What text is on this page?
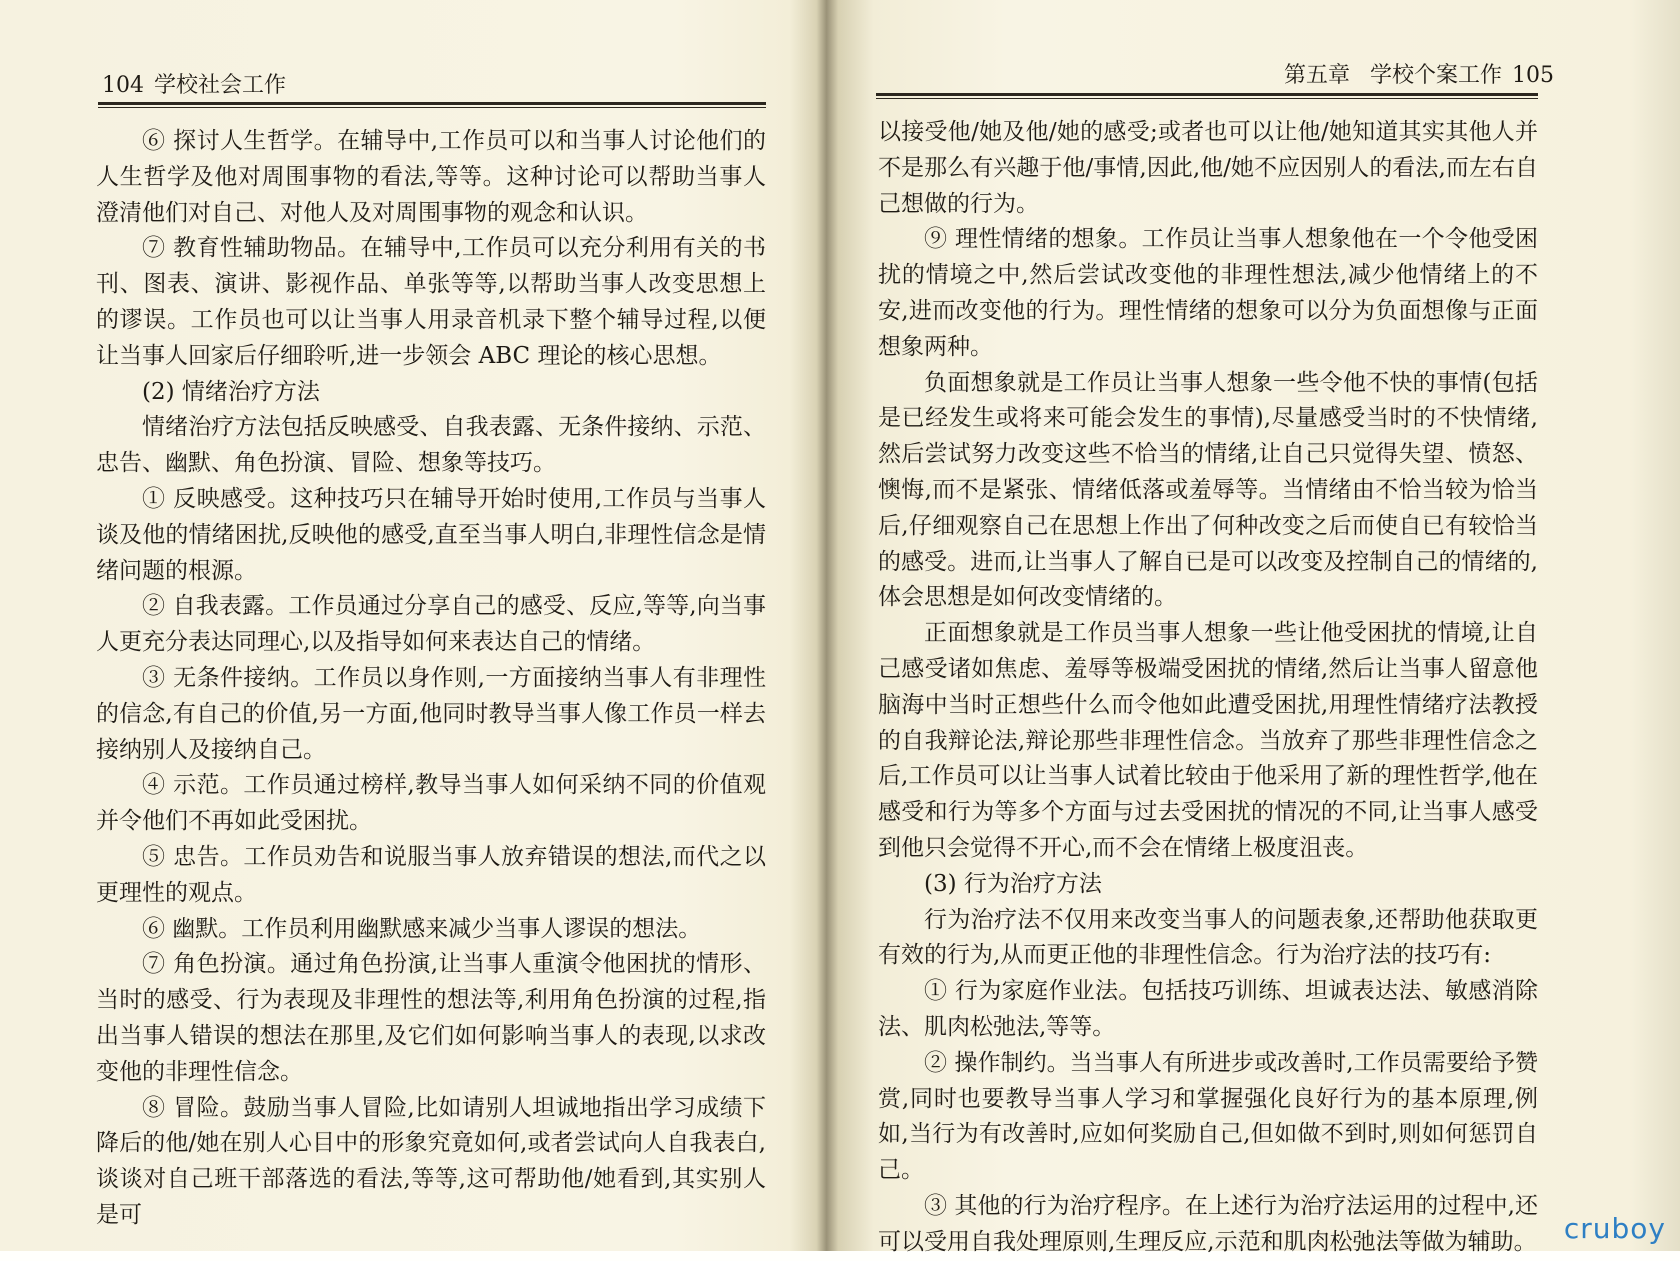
104 学校社会工作

⑥ 探讨人生哲学。在辅导中,工作员可以和当事人讨论他们的人生哲学及他对周围事物的看法,等等。这种讨论可以帮助当事人澄清他们对自己、对他人及对周围事物的观念和认识。

⑦ 教育性辅助物品。在辅导中,工作员可以充分利用有关的书刊、图表、演讲、影视作品、单张等等,以帮助当事人改变思想上的谬误。工作员也可以让当事人用录音机录下整个辅导过程,以便让当事人回家后仔细聆听,进一步领会 ABC 理论的核心思想。

(2) 情绪治疗方法

情绪治疗方法包括反映感受、自我表露、无条件接纳、示范、忠告、幽默、角色扮演、冒险、想象等技巧。

① 反映感受。这种技巧只在辅导开始时使用,工作员与当事人谈及他的情绪困扰,反映他的感受,直至当事人明白,非理性信念是情绪问题的根源。

② 自我表露。工作员通过分享自己的感受、反应,等等,向当事人更充分表达同理心,以及指导如何来表达自己的情绪。

③ 无条件接纳。工作员以身作则,一方面接纳当事人有非理性的信念,有自己的价值,另一方面,他同时教导当事人像工作员一样去接纳别人及接纳自己。

④ 示范。工作员通过榜样,教导当事人如何采纳不同的价值观并令他们不再如此受困扰。

⑤ 忠告。工作员劝告和说服当事人放弃错误的想法,而代之以更理性的观点。

⑥ 幽默。工作员利用幽默感来减少当事人谬误的想法。

⑦ 角色扮演。通过角色扮演,让当事人重演令他困扰的情形、当时的感受、行为表现及非理性的想法等,利用角色扮演的过程,指出当事人错误的想法在那里,及它们如何影响当事人的表现,以求改变他的非理性信念。

⑧ 冒险。鼓励当事人冒险,比如请别人坦诚地指出学习成绩下降后的他/她在别人心目中的形象究竟如何,或者尝试向人自我表白,谈谈对自己班干部落选的看法,等等,这可帮助他/她看到,其实别人是可

第五章 学校个案工作 105

以接受他/她及他/她的感受;或者也可以让他/她知道其实其他人并不是那么有兴趣于他/事情,因此,他/她不应因别人的看法,而左右自己想做的行为。

⑨ 理性情绪的想象。工作员让当事人想象他在一个令他受困扰的情境之中,然后尝试改变他的非理性想法,减少他情绪上的不安,进而改变他的行为。理性情绪的想象可以分为负面想像与正面想象两种。

负面想象就是工作员让当事人想象一些令他不快的事情(包括是已经发生或将来可能会发生的事情),尽量感受当时的不快情绪,然后尝试努力改变这些不恰当的情绪,让自己只觉得失望、愤怒、懊悔,而不是紧张、情绪低落或羞辱等。当情绪由不恰当较为恰当后,仔细观察自己在思想上作出了何种改变之后而使自已有较恰当的感受。进而,让当事人了解自已是可以改变及控制自己的情绪的,体会思想是如何改变情绪的。

正面想象就是工作员当事人想象一些让他受困扰的情境,让自己感受诸如焦虑、羞辱等极端受困扰的情绪,然后让当事人留意他脑海中当时正想些什么而令他如此遭受困扰,用理性情绪疗法教授的自我辩论法,辩论那些非理性信念。当放弃了那些非理性信念之后,工作员可以让当事人试着比较由于他采用了新的理性哲学,他在感受和行为等多个方面与过去受困扰的情况的不同,让当事人感受到他只会觉得不开心,而不会在情绪上极度沮丧。

(3) 行为治疗方法

行为治疗法不仅用来改变当事人的问题表象,还帮助他获取更有效的行为,从而更正他的非理性信念。行为治疗法的技巧有:

① 行为家庭作业法。包括技巧训练、坦诚表达法、敏感消除法、肌肉松弛法,等等。

② 操作制约。当当事人有所进步或改善时,工作员需要给予赞赏,同时也要教导当事人学习和掌握强化良好行为的基本原理,例如,当行为有改善时,应如何奖励自己,但如做不到时,则如何惩罚自己。

③ 其他的行为治疗程序。在上述行为治疗法运用的过程中,还可以受用自我处理原则,生理反应,示范和肌肉松弛法等做为辅助。 cruboy
